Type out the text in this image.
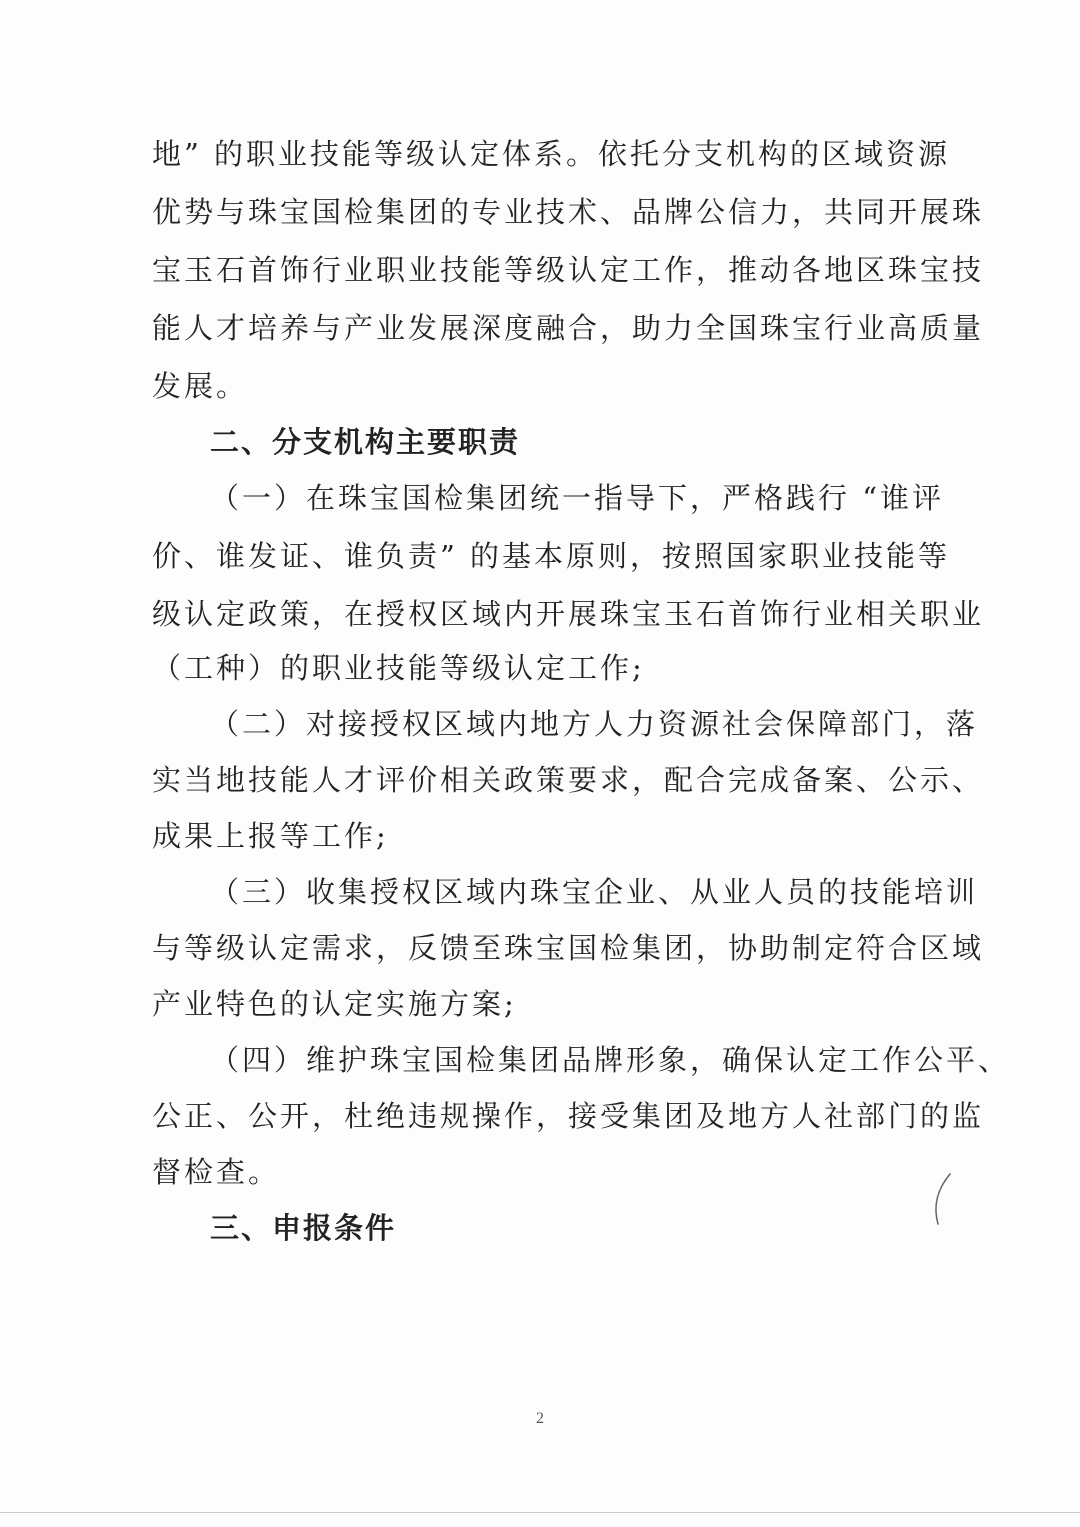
地” 的职业技能等级认定体系。依托分支机构的区域资源
优势与珠宝国检集团的专业技术、品牌公信力，共同开展珠
宝玉石首饰行业职业技能等级认定工作，推动各地区珠宝技
能人才培养与产业发展深度融合，助力全国珠宝行业高质量
发展。
二、分支机构主要职责
（一）在珠宝国检集团统一指导下，严格践行 “谁评
价、谁发证、谁负责” 的基本原则，按照国家职业技能等
级认定政策，在授权区域内开展珠宝玉石首饰行业相关职业
（工种）的职业技能等级认定工作;
（二）对接授权区域内地方人力资源社会保障部门，落
实当地技能人才评价相关政策要求，配合完成备案、公示、
成果上报等工作;
（三）收集授权区域内珠宝企业、从业人员的技能培训
与等级认定需求，反馈至珠宝国检集团，协助制定符合区域
产业特色的认定实施方案;
（四）维护珠宝国检集团品牌形象，确保认定工作公平、
公正、公开，杜绝违规操作，接受集团及地方人社部门的监
督检查。
三、申报条件
2
